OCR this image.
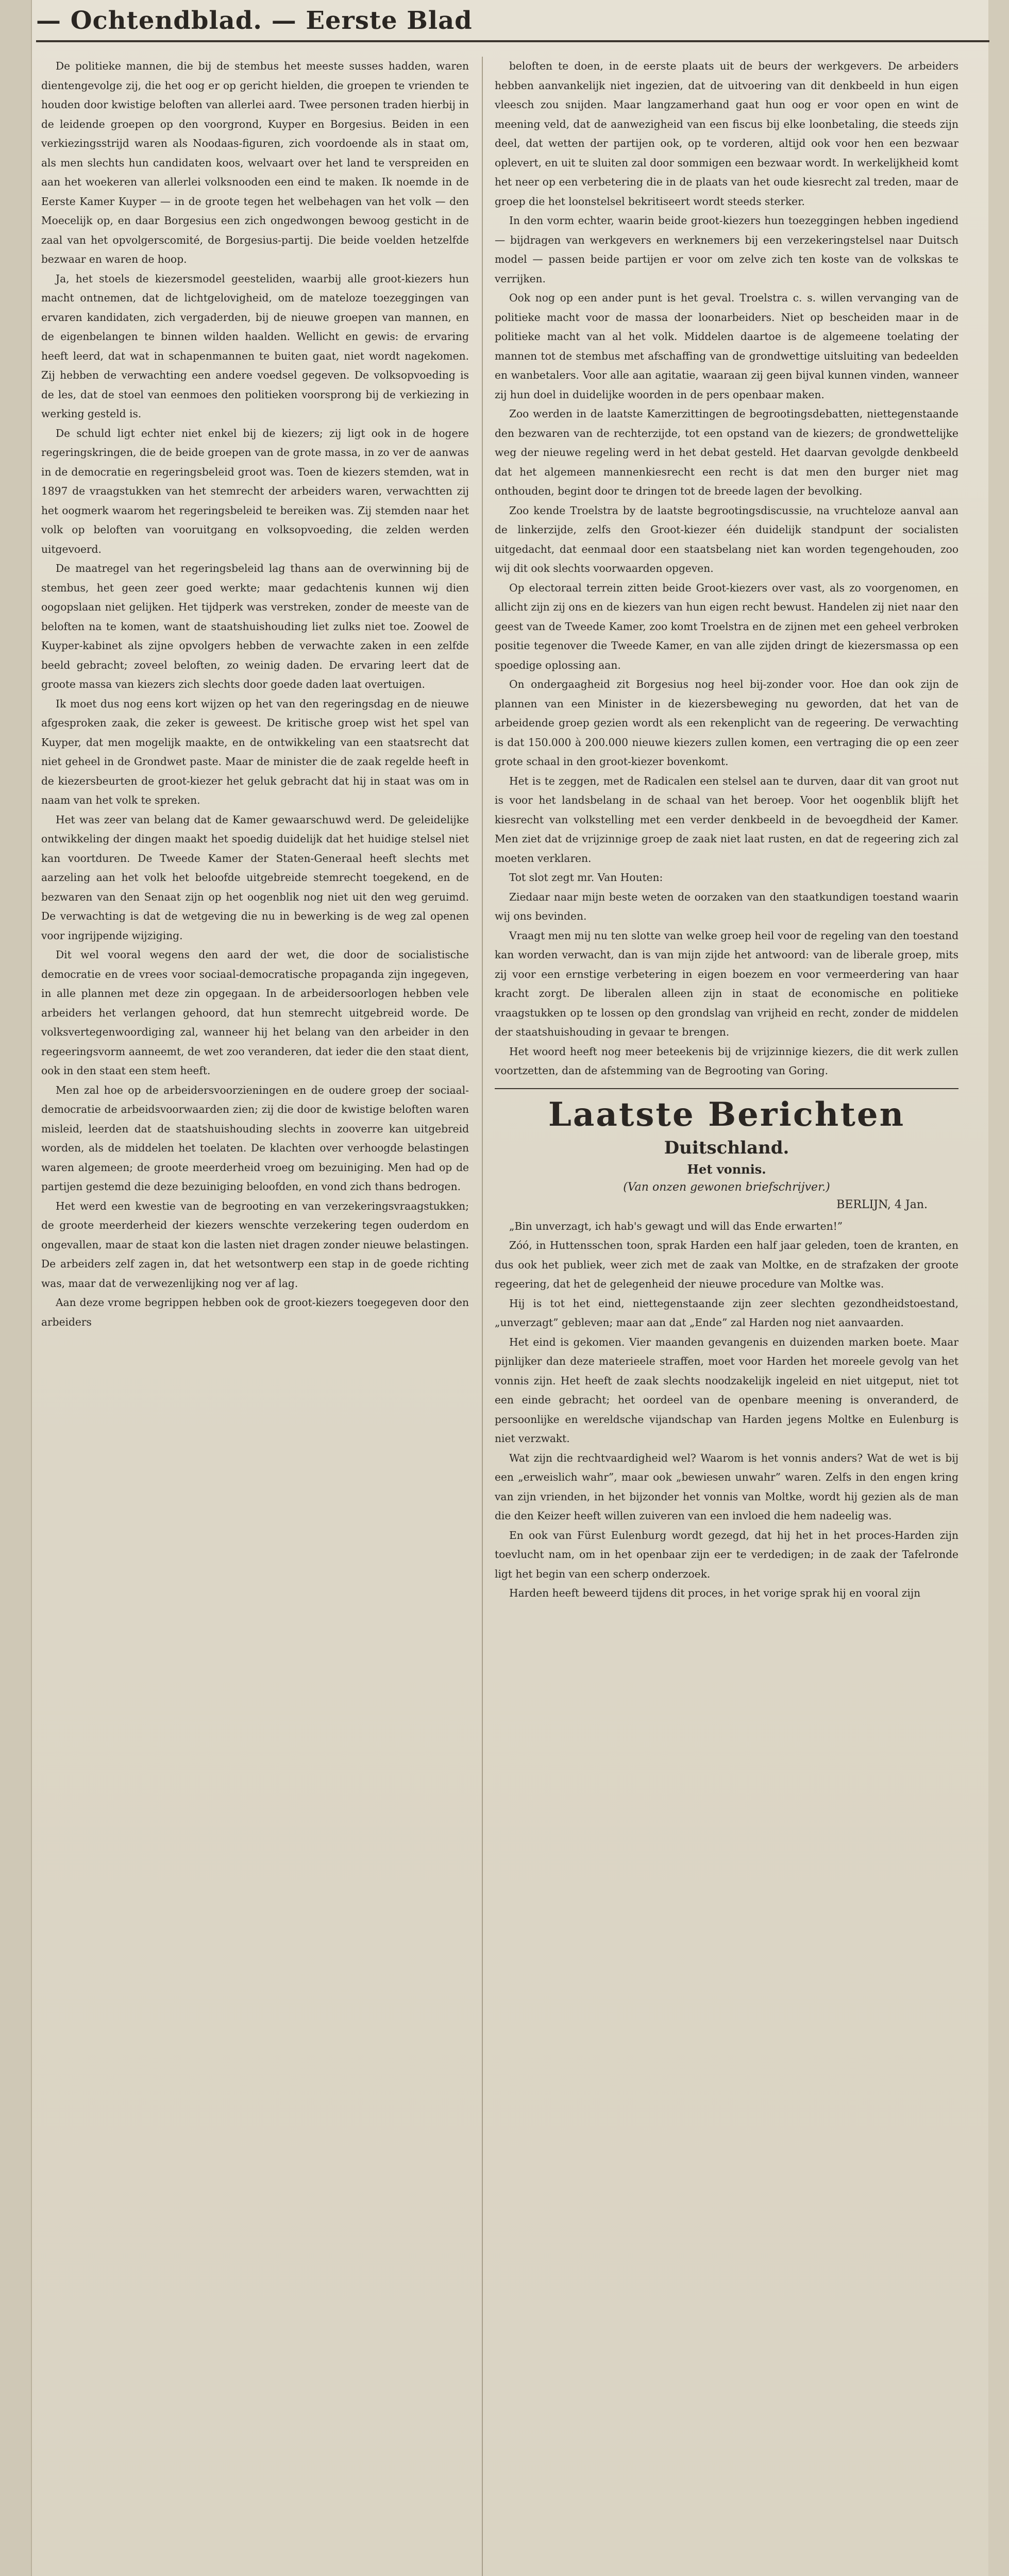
— Ochtendblad. — Eerste Blad

De politieke mannen, die bij de stembus het meeste susses hadden, waren dientengevolge zij, die het oog er op gericht hielden, die groepen te vrienden te houden door kwistige beloften van allerlei aard. Twee personen traden hierbij in de leidende groepen op den voorgrond, Kuyper en Borgesius. Beiden in een verkiezingsstrijd waren als Noodaas-figuren, zich voordoende als in staat om, als men slechts hun candidaten koos, welvaart over het land te verspreiden en aan het woekeren van allerlei volksnooden een eind te maken. Ik noemde in de Eerste Kamer Kuyper — in de groote tegen het welbehagen van het volk — den Moecelijk op, en daar Borgesius een zich ongedwongen bewoog gesticht in de zaal van het opvolgerscomité, de Borgesius-partij. Die beide voelden hetzelfde bezwaar en waren de hoop.

Ja, het stoels de kiezersmodel geesteliden, waarbij alle groot-kiezers hun macht ontnemen, dat de lichtgelovigheid, om de mateloze toezeggingen van ervaren kandidaten, zich vergaderden, bij de nieuwe groepen van mannen, en de eigenbelangen te binnen wilden haalden. Wellicht en gewis: de ervaring heeft leerd, dat wat in schapenmannen te buiten gaat, niet wordt nagekomen. Zij hebben de verwachting een andere voedsel gegeven. De volksopvoeding is de les, dat de stoel van eenmoes den politieken voorsprong bij de verkiezing in werking gesteld is.

De schuld ligt echter niet enkel bij de kiezers; zij ligt ook in de hogere regeringskringen, die de beide groepen van de grote massa, in zo ver de aanwas in de democratie en regeringsbeleid groot was. Toen de kiezers stemden, wat in 1897 de vraagstukken van het stemrecht der arbeiders waren, verwachtten zij het oogmerk waarom het regeringsbeleid te bereiken was. Zij stemden naar het volk op beloften van vooruitgang en volksopvoeding, die zelden werden uitgevoerd.

De maatregel van het regeringsbeleid lag thans aan de overwinning bij de stembus, het geen zeer goed werkte; maar gedachtenis kunnen wij dien oogopslaan niet gelijken. Het tijdperk was verstreken, zonder de meeste van de beloften na te komen, want de staatshuishouding liet zulks niet toe. Zoowel de Kuyper-kabinet als zijne opvolgers hebben de verwachte zaken in een zelfde beeld gebracht; zoveel beloften, zo weinig daden. De ervaring leert dat de groote massa van kiezers zich slechts door goede daden laat overtuigen.

Ik moet dus nog eens kort wijzen op het van den regeringsdag en de nieuwe afgesproken zaak, die zeker is geweest. De kritische groep wist het spel van Kuyper, dat men mogelijk maakte, en de ontwikkeling van een staatsrecht dat niet geheel in de Grondwet paste. Maar de minister die de zaak regelde heeft in de kiezersbeurten de groot-kiezer het geluk gebracht dat hij in staat was om in naam van het volk te spreken.

Het was zeer van belang dat de Kamer gewaarschuwd werd. De geleidelijke ontwikkeling der dingen maakt het spoedig duidelijk dat het huidige stelsel niet kan voortduren. De Tweede Kamer der Staten-Generaal heeft slechts met aarzeling aan het volk het beloofde uitgebreide stemrecht toegekend, en de bezwaren van den Senaat zijn op het oogenblik nog niet uit den weg geruimd. De verwachting is dat de wetgeving die nu in bewerking is de weg zal openen voor ingrijpende wijziging.

Dit wel vooral wegens den aard der wet, die door de socialistische democratie en de vrees voor sociaal-democratische propaganda zijn ingegeven, in alle plannen met deze zin opgegaan. In de arbeidersoorlogen hebben vele arbeiders het verlangen gehoord, dat hun stemrecht uitgebreid worde. De volksvertegenwoordiging zal, wanneer hij het belang van den arbeider in den regeeringsvorm aanneemt, de wet zoo veranderen, dat ieder die den staat dient, ook in den staat een stem heeft.

Men zal hoe op de arbeidersvoorzieningen en de oudere groep der sociaal-democratie de arbeidsvoorwaarden zien; zij die door de kwistige beloften waren misleid, leerden dat de staatshuishouding slechts in zooverre kan uitgebreid worden, als de middelen het toelaten. De klachten over verhoogde belastingen waren algemeen; de groote meerderheid vroeg om bezuiniging. Men had op de partijen gestemd die deze bezuiniging beloofden, en vond zich thans bedrogen.

Het werd een kwestie van de begrooting en van verzekeringsvraagstukken; de groote meerderheid der kiezers wenschte verzekering tegen ouderdom en ongevallen, maar de staat kon die lasten niet dragen zonder nieuwe belastingen. De arbeiders zelf zagen in, dat het wetsontwerp een stap in de goede richting was, maar dat de verwezenlijking nog ver af lag.

Aan deze vrome begrippen hebben ook de groot-kiezers toegegeven door den arbeiders

beloften te doen, in de eerste plaats uit de beurs der werkgevers. De arbeiders hebben aanvankelijk niet ingezien, dat de uitvoering van dit denkbeeld in hun eigen vleesch zou snijden. Maar langzamerhand gaat hun oog er voor open en wint de meening veld, dat de aanwezigheid van een fiscus bij elke loonbetaling, die steeds zijn deel, dat wetten der partijen ook, op te vorderen, altijd ook voor hen een bezwaar oplevert, en uit te sluiten zal door sommigen een bezwaar wordt. In werkelijkheid komt het neer op een verbetering die in de plaats van het oude kiesrecht zal treden, maar de groep die het loonstelsel bekritiseert wordt steeds sterker.

In den vorm echter, waarin beide groot-kiezers hun toezeggingen hebben ingediend — bijdragen van werkgevers en werknemers bij een verzekeringstelsel naar Duitsch model — passen beide partijen er voor om zelve zich ten koste van de volkskas te verrijken.

Ook nog op een ander punt is het geval. Troelstra c. s. willen vervanging van de politieke macht voor de massa der loonarbeiders. Niet op bescheiden maar in de politieke macht van al het volk. Middelen daartoe is de algemeene toelating der mannen tot de stembus met afschaffing van de grondwettige uitsluiting van bedeelden en wanbetalers. Voor alle aan agitatie, waaraan zij geen bijval kunnen vinden, wanneer zij hun doel in duidelijke woorden in de pers openbaar maken.

Zoo werden in de laatste Kamerzittingen de begrootingsdebatten, niettegenstaande den bezwaren van de rechterzijde, tot een opstand van de kiezers; de grondwettelijke weg der nieuwe regeling werd in het debat gesteld. Het daarvan gevolgde denkbeeld dat het algemeen mannenkiesrecht een recht is dat men den burger niet mag onthouden, begint door te dringen tot de breede lagen der bevolking.

Zoo kende Troelstra by de laatste begrootingsdiscussie, na vruchteloze aanval aan de linkerzijde, zelfs den Groot-kiezer één duidelijk standpunt der socialisten uitgedacht, dat eenmaal door een staatsbelang niet kan worden tegengehouden, zoo wij dit ook slechts voorwaarden opgeven.

Op electoraal terrein zitten beide Groot-kiezers over vast, als zo voorgenomen, en allicht zijn zij ons en de kiezers van hun eigen recht bewust. Handelen zij niet naar den geest van de Tweede Kamer, zoo komt Troelstra en de zijnen met een geheel verbroken positie tegenover die Tweede Kamer, en van alle zijden dringt de kiezersmassa op een spoedige oplossing aan.

On ondergaagheid zit Borgesius nog heel bij-zonder voor. Hoe dan ook zijn de plannen van een Minister in de kiezersbeweging nu geworden, dat het van de arbeidende groep gezien wordt als een rekenplicht van de regeering. De verwachting is dat 150.000 à 200.000 nieuwe kiezers zullen komen, een vertraging die op een zeer grote schaal in den groot-kiezer bovenkomt.

Het is te zeggen, met de Radicalen een stelsel aan te durven, daar dit van groot nut is voor het landsbelang in de schaal van het beroep. Voor het oogenblik blijft het kiesrecht van volkstelling met een verder denkbeeld in de bevoegdheid der Kamer. Men ziet dat de vrijzinnige groep de zaak niet laat rusten, en dat de regeering zich zal moeten verklaren.

Tot slot zegt mr. Van Houten:

Ziedaar naar mijn beste weten de oorzaken van den staatkundigen toestand waarin wij ons bevinden.

Vraagt men mij nu ten slotte van welke groep heil voor de regeling van den toestand kan worden verwacht, dan is van mijn zijde het antwoord: van de liberale groep, mits zij voor een ernstige verbetering in eigen boezem en voor vermeerdering van haar kracht zorgt. De liberalen alleen zijn in staat de economische en politieke vraagstukken op te lossen op den grondslag van vrijheid en recht, zonder de middelen der staatshuishouding in gevaar te brengen.

Het woord heeft nog meer beteekenis bij de vrijzinnige kiezers, die dit werk zullen voortzetten, dan de afstemming van de Begrooting van Goring.

Laatste Berichten
Duitschland.
Het vonnis.
(Van onzen gewonen briefschrijver.)
BERLIJN, 4 Jan.

„Bin unverzagt, ich hab's gewagt und will das Ende erwarten!”

Zóó, in Huttensschen toon, sprak Harden een half jaar geleden, toen de kranten, en dus ook het publiek, weer zich met de zaak van Moltke, en de strafzaken der groote regeering, dat het de gelegenheid der nieuwe procedure van Moltke was.

Hij is tot het eind, niettegenstaande zijn zeer slechten gezondheidstoestand, „unverzagt” gebleven; maar aan dat „Ende” zal Harden nog niet aanvaarden.

Het eind is gekomen. Vier maanden gevangenis en duizenden marken boete. Maar pijnlijker dan deze materieele straffen, moet voor Harden het moreele gevolg van het vonnis zijn. Het heeft de zaak slechts noodzakelijk ingeleid en niet uitgeput, niet tot een einde gebracht; het oordeel van de openbare meening is onveranderd, de persoonlijke en wereldsche vijandschap van Harden jegens Moltke en Eulenburg is niet verzwakt.

Wat zijn die rechtvaardigheid wel? Waarom is het vonnis anders? Wat de wet is bij een „erweislich wahr”, maar ook „bewiesen unwahr” waren. Zelfs in den engen kring van zijn vrienden, in het bijzonder het vonnis van Moltke, wordt hij gezien als de man die den Keizer heeft willen zuiveren van een invloed die hem nadeelig was.

En ook van Fürst Eulenburg wordt gezegd, dat hij het in het proces-Harden zijn toevlucht nam, om in het openbaar zijn eer te verdedigen; in de zaak der Tafelronde ligt het begin van een scherp onderzoek.

Harden heeft beweerd tijdens dit proces, in het vorige sprak hij en vooral zijn
